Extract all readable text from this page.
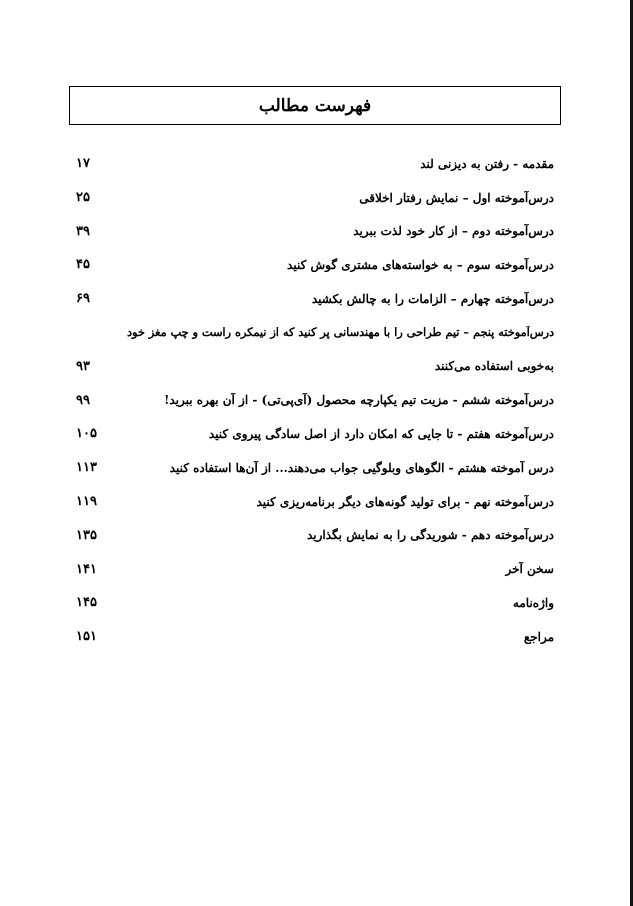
فهرست مطالب
۱۷	مقدمه - رفتن به دیزنی لند
۲۵	درس‌آموخته اول – نمایش رفتار اخلاقی
۳۹	درس‌آموخته دوم – از کار خود لذت ببرید
۴۵	درس‌آموخته سوم – به خواسته‌های مشتری گوش کنید
۶۹	درس‌آموخته چهارم – الزامات را به چالش بکشید
درس‌آموخته پنجم – تیم طراحی را با مهندسانی پر کنید که از نیمکره راست و چپ مغز خود
۹۳	به‌خوبی استفاده می‌کنند
۹۹	درس‌آموخته ششم - مزیت تیم یکپارچه محصول (آی‌پی‌تی) - از آن بهره ببرید!
۱۰۵	درس‌آموخته هفتم - تا جایی که امکان دارد از اصل سادگی پیروی کنید
۱۱۳	درس آموخته هشتم - الگوهای وبلوگیی جواب می‌دهند... از آن‌ها استفاده کنید
۱۱۹	درس‌آموخته نهم - برای تولید گونه‌های دیگر برنامه‌ریزی کنید
۱۳۵	درس‌آموخته دهم - شوریدگی را به نمایش بگذارید
۱۴۱	سخن آخر
۱۴۵	واژه‌نامه
۱۵۱	مراجع
